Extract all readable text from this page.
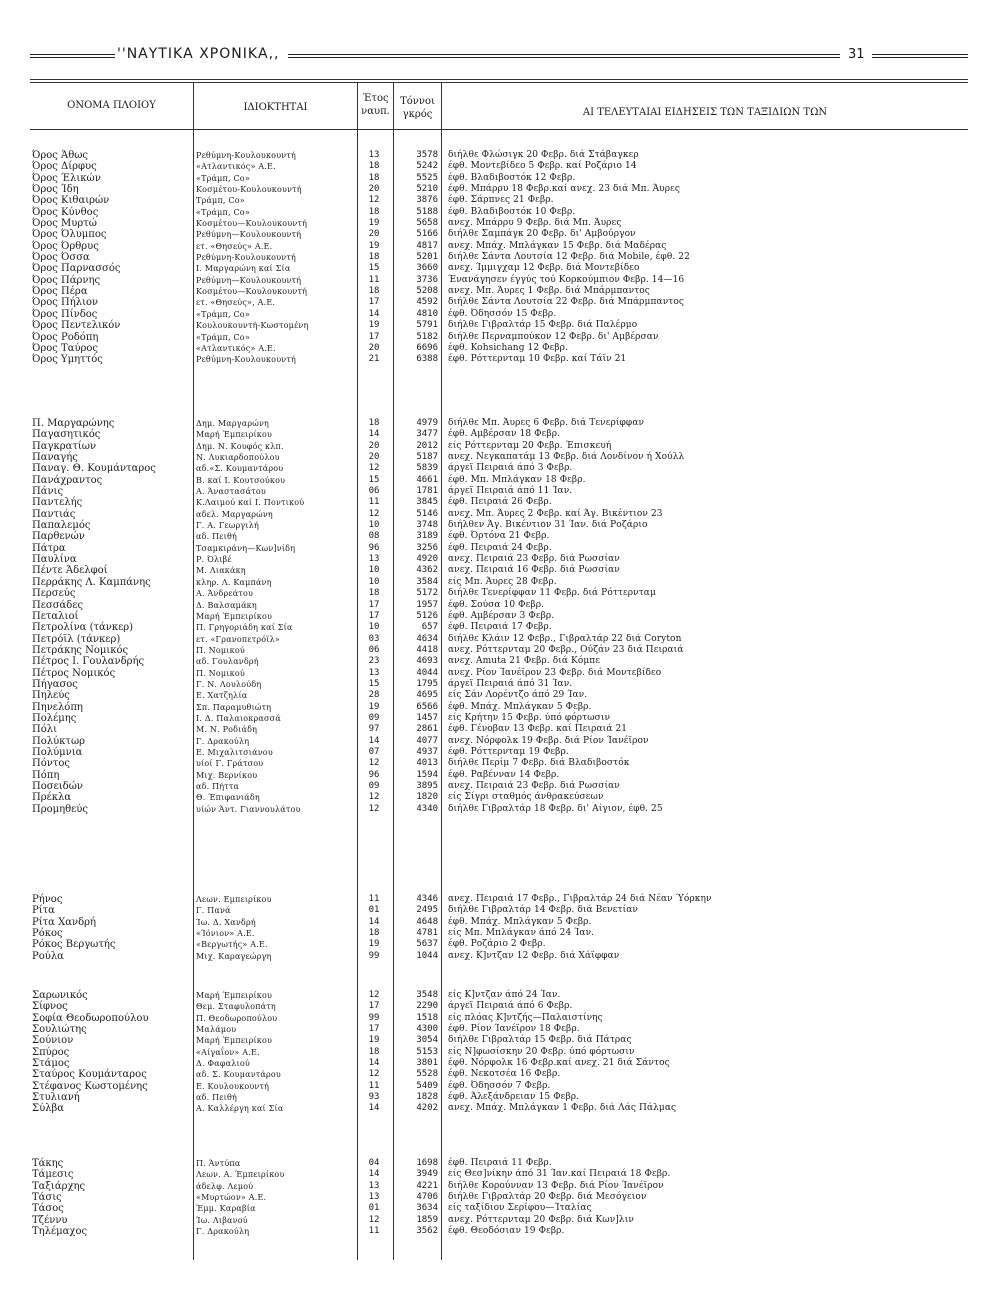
''ΝΑΥΤΙΚΑ ΧΡΟΝΙΚΑ,,	31
ΟΝΟΜΑ ΠΛΟΙΟΥ	ΙΔΙΟΚΤΗΤΑΙ
Έτος
ναυπ.
Τόννοι
γκρός	ΑΙ ΤΕΛΕΥΤΑΙΑΙ ΕΙΔΗΣΕΙΣ ΤΩΝ ΤΑΞΙΔΙΩΝ ΤΩΝ
Όρος Άθως	Ρεθύμνη-Κουλουκουντή	13	3578 διήλθε Φλώσιγκ 20 Φεβρ. διά Στάβαγκερ
Όρος Δίρφυς	«Ατλαντικός» Α.Ε.	18	5242 έφθ. Μοντεβίδεο 5 Φεβρ. καί Ροζάριο 14
Όρος Έλικών	«Τράμπ, Co»	18	5525 έφθ. Βλαδιβοστόκ 12 Φεβρ.
Όρος Ίδη	Κοσμέτου-Κουλουκουντή	20	5210 έφθ. Μπάρρυ 18 Φεβρ.καί ανεχ. 23 διά Μπ. Άυρες
Όρος Κιθαιρών	Τράμπ, Co»	12	3876 έφθ. Σάρπνες 21 Φεβρ.
Όρος Κύνθος	«Τράμπ, Co»	18	5188 έφθ. Βλαδιβοστόκ 10 Φεβρ.
Όρος Μυρτώ	Κοσμέτου—Κουλουκουντή	19	5658 ανεχ. Μπάρρυ 9 Φεβρ. διά Μπ. Άυρες
Όρος Όλυμπος	Ρεθύμνη—Κουλουκουντή	20	5166 διήλθε Σαμπάγκ 20 Φεβρ. δι' Αμβούργον
Όρος Όρθρυς	ετ. «Θησεύς» Α.Ε.	19	4817 ανεχ. Μπάχ. Μπλάγκαν 15 Φεβρ. διά Μαδέρας
Όρος Όσσα	Ρεθύμνη-Κουλουκουντή	18	5201 διήλθε Σάντα Λουτσία 12 Φεβρ. διά Mobile, έφθ. 22
Όρος Παρνασσός	Ι. Μαργαρώνη καί Σία	15	3660 ανεχ. Ίμμιγχαμ 12 Φεβρ. διά Μοντεβίδεο
Όρος Πάρνης	Ρεθύμνη—Κουλουκουντή	11	3736 Ένανάγησεν έγγύς τού Κορκούμπιον Φεβρ. 14—16
Όρος Πέρα	Κοσμέτου—Κουλουκουντή	18	5208 ανεχ. Μπ. Άυρες 1 Φεβρ. διά Μπάρμπαντος
Όρος Πήλιον	ετ. «Θησεύς», Α.Ε.	17	4592 διήλθε Σάντα Λουτσία 22 Φεβρ. διά Μπάρμπαντος
Όρος Πίνδος	«Τράμπ, Co»	14	4810 έφθ. Όδησσόν 15 Φεβρ.
Όρος Πεντελικόν	Κουλουκουντή-Κωστομένη	19	5791 διήλθε Γιβραλτάρ 15 Φεβρ. διά Παλέρμο
Όρος Ροδόπη	«Τράμπ, Co»	17	5182 διήλθε Περναμπούκον 12 Φεβρ. δι' Αμβέρσαν
Όρος Ταύρος	«Ατλαντικός» Α.Ε.	20	6696 έφθ. Kohsichang 12 Φεβρ.
Όρος Υμηττός	Ρεθύμνη-Κουλουκουντή	21	6388 έφθ. Ρόττερνταμ 10 Φεβρ. καί Τάϊν 21
Π. Μαργαρώνης	Δημ. Μαργαρώνη	18	4979 διήλθε Μπ. Άυρες 6 Φεβρ. διά Τενερίφφαν
Παγασητικός	Μαρή Έμπειρίκου	14	3477 έφθ. Αμβέρσαν 18 Φεβρ.
Παγκρατίων	Δημ. Ν. Κουφός κλπ.	20	2012 είς Ρόττερνταμ 20 Φεβρ. Έπισκευή
Παναγής	Ν. Λυκιαρδοπούλου	20	5187 ανεχ. Νεγκαπατάμ 13 Φεβρ. διά Λονδίνον ή Χούλλ
Παναγ. Θ. Κουμάνταρος	αδ.«Σ. Κουμαντάρου	12	5839 άργεϊ Πειραιά άπό 3 Φεβρ.
Πανάχραντος	Β. καί Ι. Κουτσούκου	15	4661 έφθ. Μπ. Μπλάγκαν 18 Φεβρ.
Πάνις	Α. Άναστασάτου	06	1781 άργεϊ Πειραιά άπό 11 Ίαν.
Παντελής	Κ.Λαιμού καί Ι. Ποντικού	11	3845 έφθ. Πειραιά 26 Φεβρ.
Παντιάς	αδελ. Μαργαρώνη	12	5146 ανεχ. Μπ. Άυρες 2 Φεβρ. καί Άγ. Βικέντιον 23
Παπαλεμός	Γ. Α. Γεωργιλή	10	3748 διήλθεν Άγ. Βικέντιον 31 Ίαν. διά Ροζάριο
Παρθενών	αδ. Πειθή	08	3189 έφθ. Όρτόνα 21 Φεβρ.
Πάτρα	Τσαμκιράνη—Κων]νίδη	96	3256 έφθ. Πειραιά 24 Φεβρ.
Παυλίνα	Ρ. Όλιβέ	13	4920 ανεχ. Πειραιά 23 Φεβρ. διά Ρωσσίαν
Πέντε Άδελφοί	Μ. Λιακάκη	10	4362 ανεχ. Πειραιά 16 Φεβρ. διά Ρωσσίαν
Περράκης Λ. Καμπάνης	κληρ. Λ. Καμπάνη	10	3584 είς Μπ. Άυρες 28 Φεβρ.
Περσεύς	Α. Άνδρεάτου	18	5172 διήλθε Τενερίφφαν 11 Φεβρ. διά Ρόττερνταμ
Πεσσάδες	Δ. Βαλσαμάκη	17	1957 έφθ. Σούσα 10 Φεβρ.
Πεταλιοί	Μαρή Έμπειρίκου	17	5126 έφθ. Αμβέρσαν 3 Φεβρ.
Πετρολίνα (τάνκερ)	Π. Γρηγοριάδη καί Σία	10	657 έφθ. Πειραιά 17 Φεβρ.
Πετρόϊλ (τάνκερ)	ετ. «Γρανοπετρόϊλ»	03	4634 διήλθε Κλάιν 12 Φεβρ., Γιβραλτάρ 22 διά Coryton
Πετράκης Νομικός	Π. Νομικού	06	4418 ανεχ. Ρόττερνταμ 20 Φεβρ., Ούζάν 23 διά Πειραιά
Πέτρος Ι. Γουλανδρής	αδ. Γουλανδρή	23	4693 ανεχ. Amuta 21 Φεβρ. διά Κόμπε
Πέτρος Νομικός	Π. Νομικού	13	4044 ανεχ. Ρίον Ίανέϊρον 23 Φεβρ. διά Μοντεβίδεο
Πήγασος	Γ. Ν. Λουλούδη	15	1795 άργεϊ Πειραιά άπό 31 Ίαν.
Πηλεύς	Ε. Χατζηλία	28	4695 είς Σάν Λορέντζο άπό 29 Ίαν.
Πηνελόπη	Σπ. Παραμυθιώτη	19	6566 έφθ. Μπάχ. Μπλάγκαν 5 Φεβρ.
Πολέμης	Ι. Δ. Παλαιοκρασσά	09	1457 είς Κρήτην 15 Φεβρ. ύπό φόρτωσιν
Πόλι	Μ. Ν. Ροδιάδη	97	2861 έφθ. Γένοβαν 13 Φεβρ. καί Πειραιά 21
Πολύκτωρ	Γ. Δρακούλη	14	4077 ανεχ. Νόρφολκ 19 Φεβρ. διά Ρίον Ίανέϊρον
Πολύμνια	Ε. Μιχαλιτσιάνου	07	4937 έφθ. Ρόττερνταμ 19 Φεβρ.
Πόντος	υίοί Γ. Γράτσου	12	4013 διήλθε Περίμ 7 Φεβρ. διά Βλαδιβοστόκ
Πόπη	Μιχ. Βερνίκου	96	1594 έφθ. Ραβένναν 14 Φεβρ.
Ποσειδών	αδ. Πήττα	09	3895 ανεχ. Πειραιά 23 Φεβρ. διά Ρωσσίαν
Πρέκλα	Θ. Έπιφανιάδη	12	1820 είς Σίγρι σταθμός άνθρακεύσεων
Προμηθεύς	υίών Άντ. Γιαννουλάτου	12	4340 διήλθε Γιβραλτάρ 18 Φεβρ. δι' Αίγιον, έφθ. 25
Ρήνος	Λεων. Εμπειρίκου	11	4346 ανεχ. Πειραιά 17 Φεβρ., Γιβραλτάρ 24 διά Νέαν Ύόρκην
Ρίτα	Γ. Πανά	01	2495 διήλθε Γιβραλτάρ 14 Φεβρ. διά Βενετίαν
Ρίτα Χανδρή	Ίω. Δ. Χανδρή	14	4648 έφθ. Μπάχ. Μπλάγκαν 5 Φεβρ.
Ρόκος	«Ίόνιον» Α.Ε.	18	4781 είς Μπ. Μπλάγκαν άπό 24 Ίαν.
Ρόκος Βεργωτής	«Βεργωτής» Α.Ε.	19	5637 έφθ. Ροζάριο 2 Φεβρ.
Ρούλα	Μιχ. Καραγεώργη	99	1044 ανεχ. Κ]ντζαν 12 Φεβρ. διά Χάϊφφαν
Σαρωνικός	Μαρή Έμπειρίκου	12	3548 είς Κ]ντζαν άπό 24 Ίαν.
Σίφνος	Θεμ. Σταφυλοπάτη	17	2290 άργεϊ Πειραιά άπό 6 Φεβρ.
Σοφία Θεοδωροπούλου	Π. Θεοδωροπούλου	99	1518 είς πλόας Κ]ντζής—Παλαιστίνης
Σουλιώτης	Μαλάμου	17	4300 έφθ. Ρίον Ίανέϊρον 18 Φεβρ.
Σούνιον	Μαρή Έμπειρίκου	19	3054 διήλθε Γιβραλτάρ 15 Φεβρ. διά Πάτρας
Σπύρος	«Αίγαΐον» Α.Ε.	18	5153 είς Ν]φωσίσκην 20 Φεβρ. ύπό φόρτωσιν
Στάμος	Δ. Φαφαλιού	14	3801 έφθ. Νόρφολκ 16 Φεβρ.καί ανεχ. 21 διά Σάντος
Σταύρος Κουμάνταρος	αδ. Σ. Κουμαντάρου	12	5528 έφθ. Νεκοτσέα 16 Φεβρ.
Στέφανος Κωστομένης	Ε. Κουλουκουντή	11	5409 έφθ. Όδησσόν 7 Φεβρ.
Στυλιανή	αδ. Πειθή	93	1828 έφθ. Άλεξάνδρειαν 15 Φεβρ.
Σύλβα	Α. Καλλέργη καί Σία	14	4202 ανεχ. Μπάχ. Μπλάγκαν 1 Φεβρ. διά Λάς Πάλμας
Τάκης	Π. Άντύπα	04	1698 έφθ. Πειραιά 11 Φεβρ.
Τάμεσις	Λεων. Α. Έμπειρίκου	14	3949 είς Θεσ]νίκην άπό 31 Ίαν.καί Πειραιά 18 Φεβρ.
Ταξιάρχης	άδελφ. Λεμού	13	4221 διήλθε Κορούνναν 13 Φεβρ. διά Ρίον Ίανέϊρον
Τάσις	«Μυρτώον» Α.Ε.	13	4706 διήλθε Γιβραλτάρ 20 Φεβρ. διά Μεσόγειον
Τάσος	Έμμ. Καραβία	01	3634 είς ταξίδιον Σερίφου—Ίταλίας
Τζέννυ	Ίω. Λιβανού	12	1859 ανεχ. Ρόττερνταμ 20 Φεβρ. διά Κων]λιν
Τηλέμαχος	Γ. Δρακούλη	11	3562 έφθ. Θεοδόσιαν 19 Φεβρ.
